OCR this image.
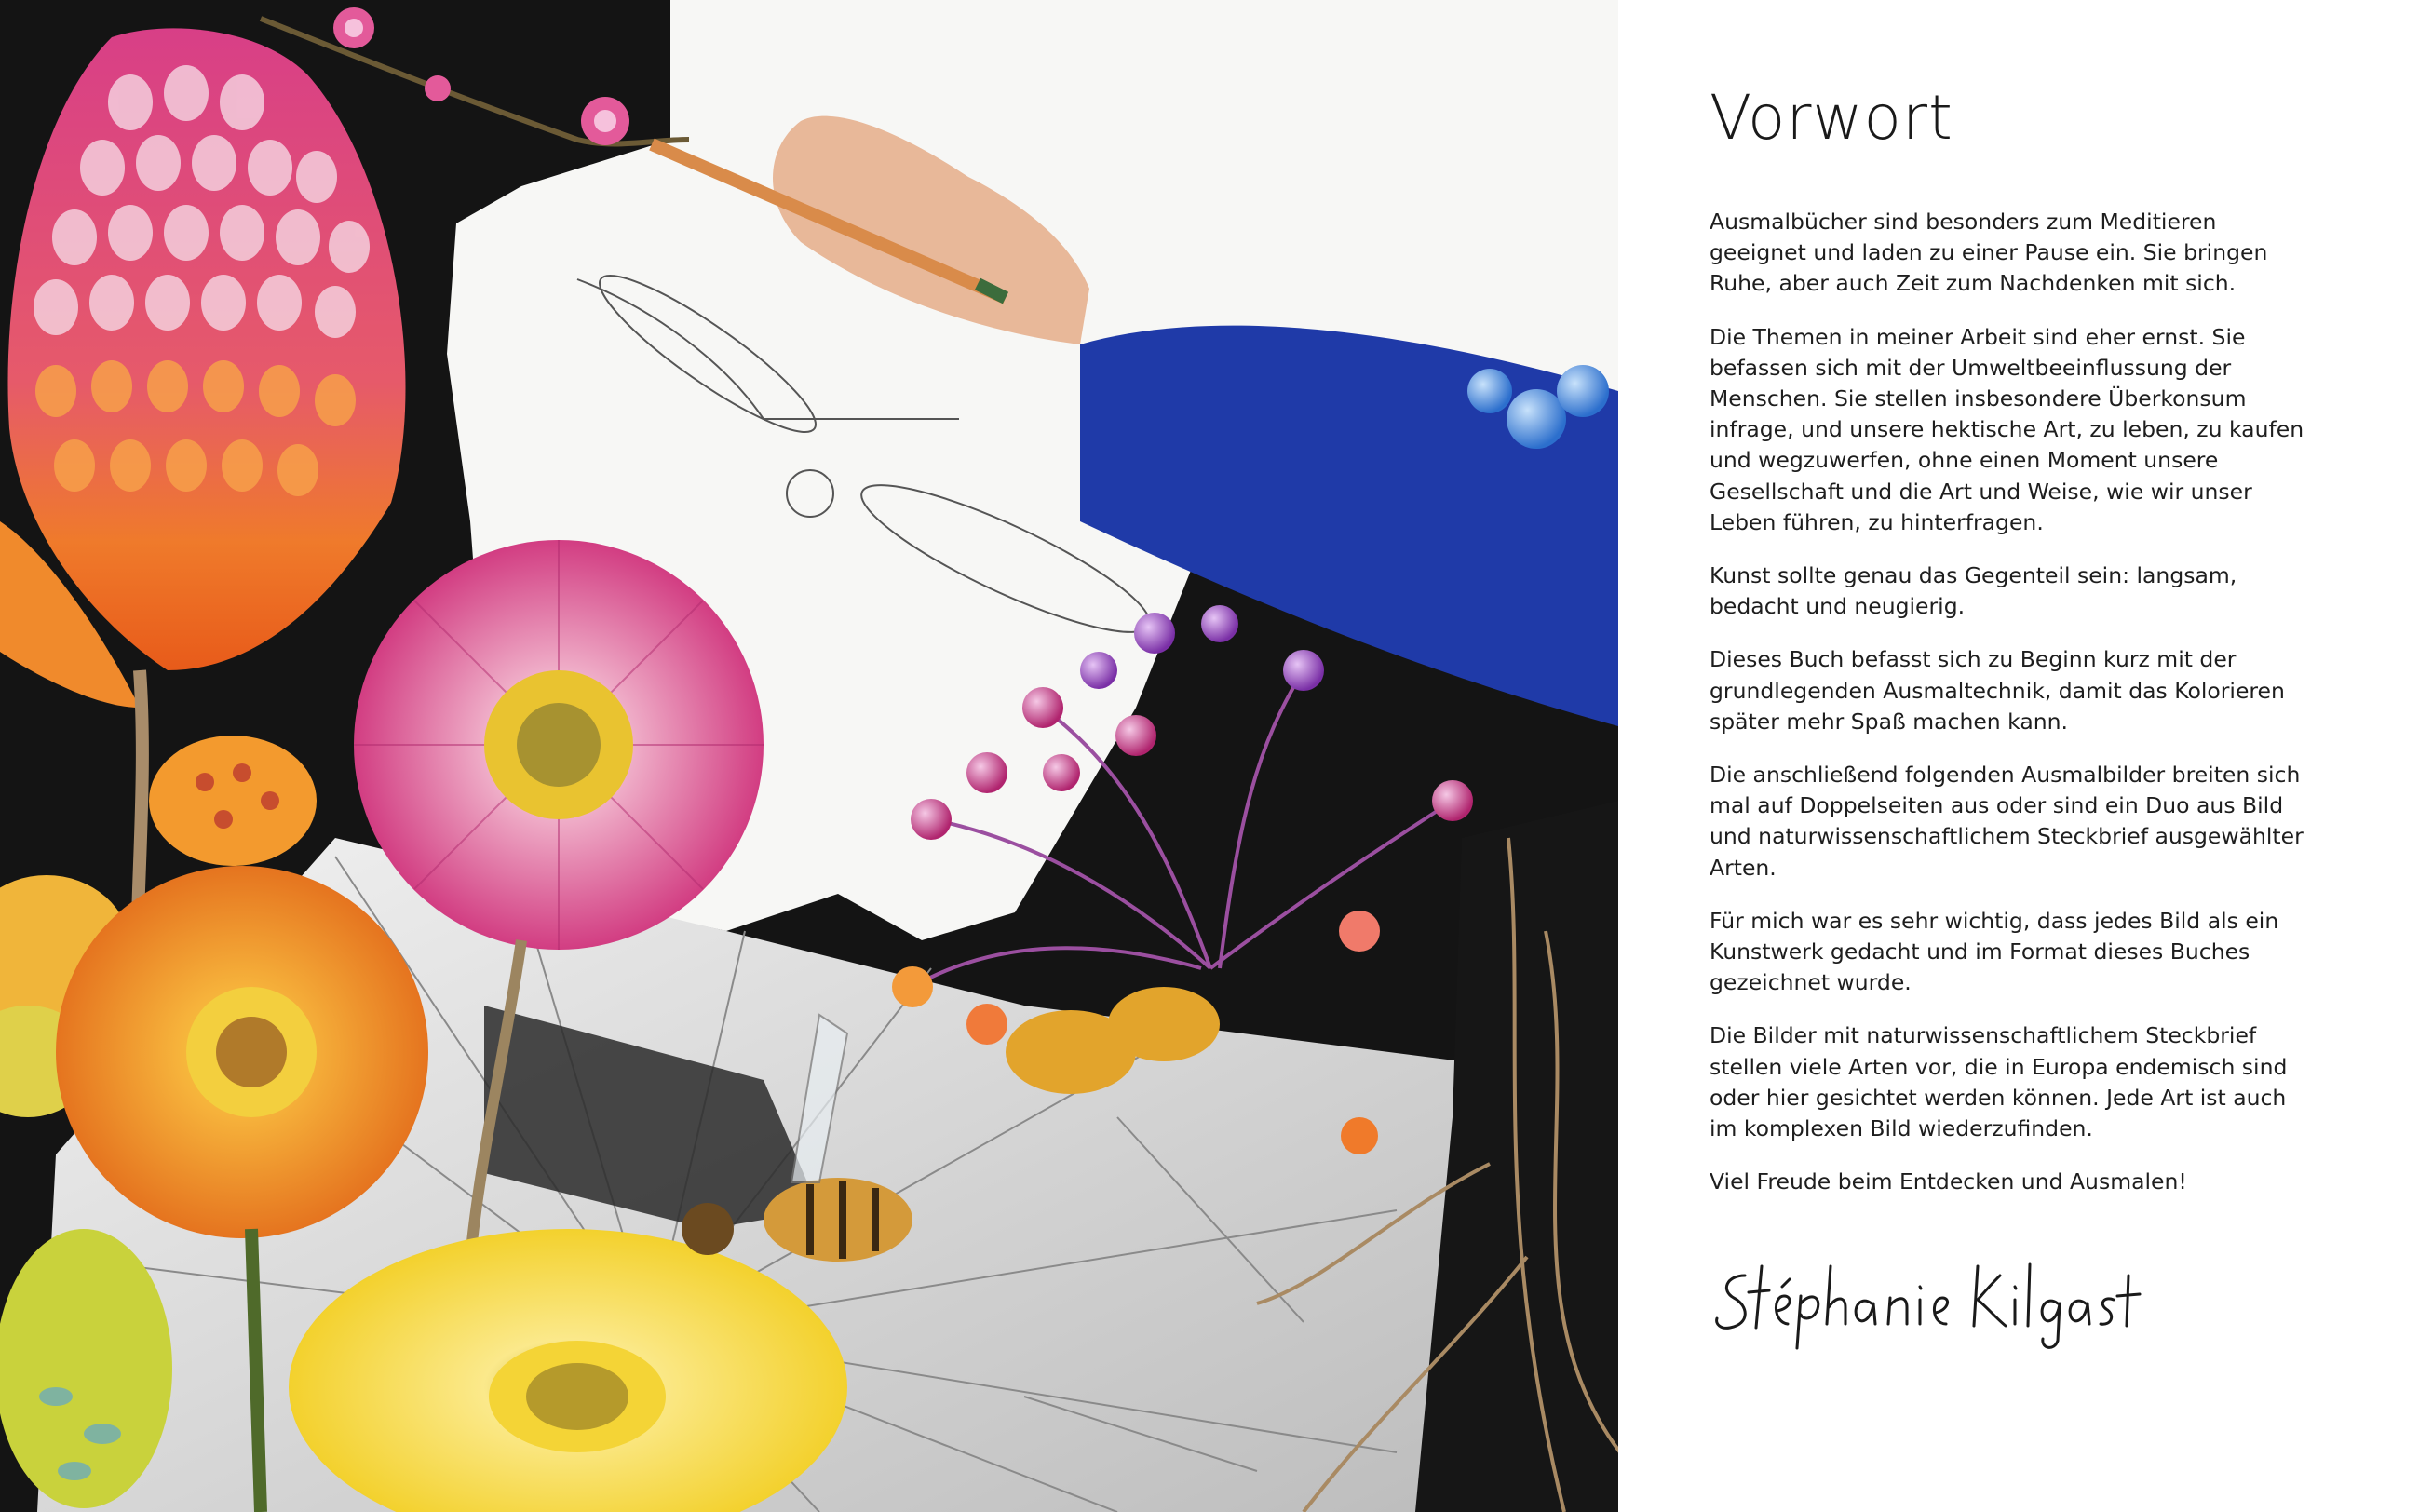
Vorwort

Ausmalbücher sind besonders zum Meditieren geeignet und laden zu einer Pause ein. Sie bringen Ruhe, aber auch Zeit zum Nachdenken mit sich.

Die Themen in meiner Arbeit sind eher ernst. Sie befassen sich mit der Umweltbeeinflussung der Menschen. Sie stellen insbesondere Überkonsum infrage, und unsere hektische Art, zu leben, zu kaufen und wegzuwerfen, ohne einen Moment unsere Gesellschaft und die Art und Weise, wie wir unser Leben führen, zu hinterfragen.

Kunst sollte genau das Gegenteil sein: langsam, bedacht und neugierig.

Dieses Buch befasst sich zu Beginn kurz mit der grundlegenden Ausmaltechnik, damit das Kolorieren später mehr Spaß machen kann.

Die anschließend folgenden Ausmalbilder breiten sich mal auf Doppelseiten aus oder sind ein Duo aus Bild und naturwissenschaftlichem Steckbrief ausgewählter Arten.

Für mich war es sehr wichtig, dass jedes Bild als ein Kunstwerk gedacht und im Format dieses Buches gezeichnet wurde.

Die Bilder mit naturwissenschaftlichem Steckbrief stellen viele Arten vor, die in Europa endemisch sind oder hier gesichtet werden können. Jede Art ist auch im komplexen Bild wiederzufinden.

Viel Freude beim Entdecken und Ausmalen!
